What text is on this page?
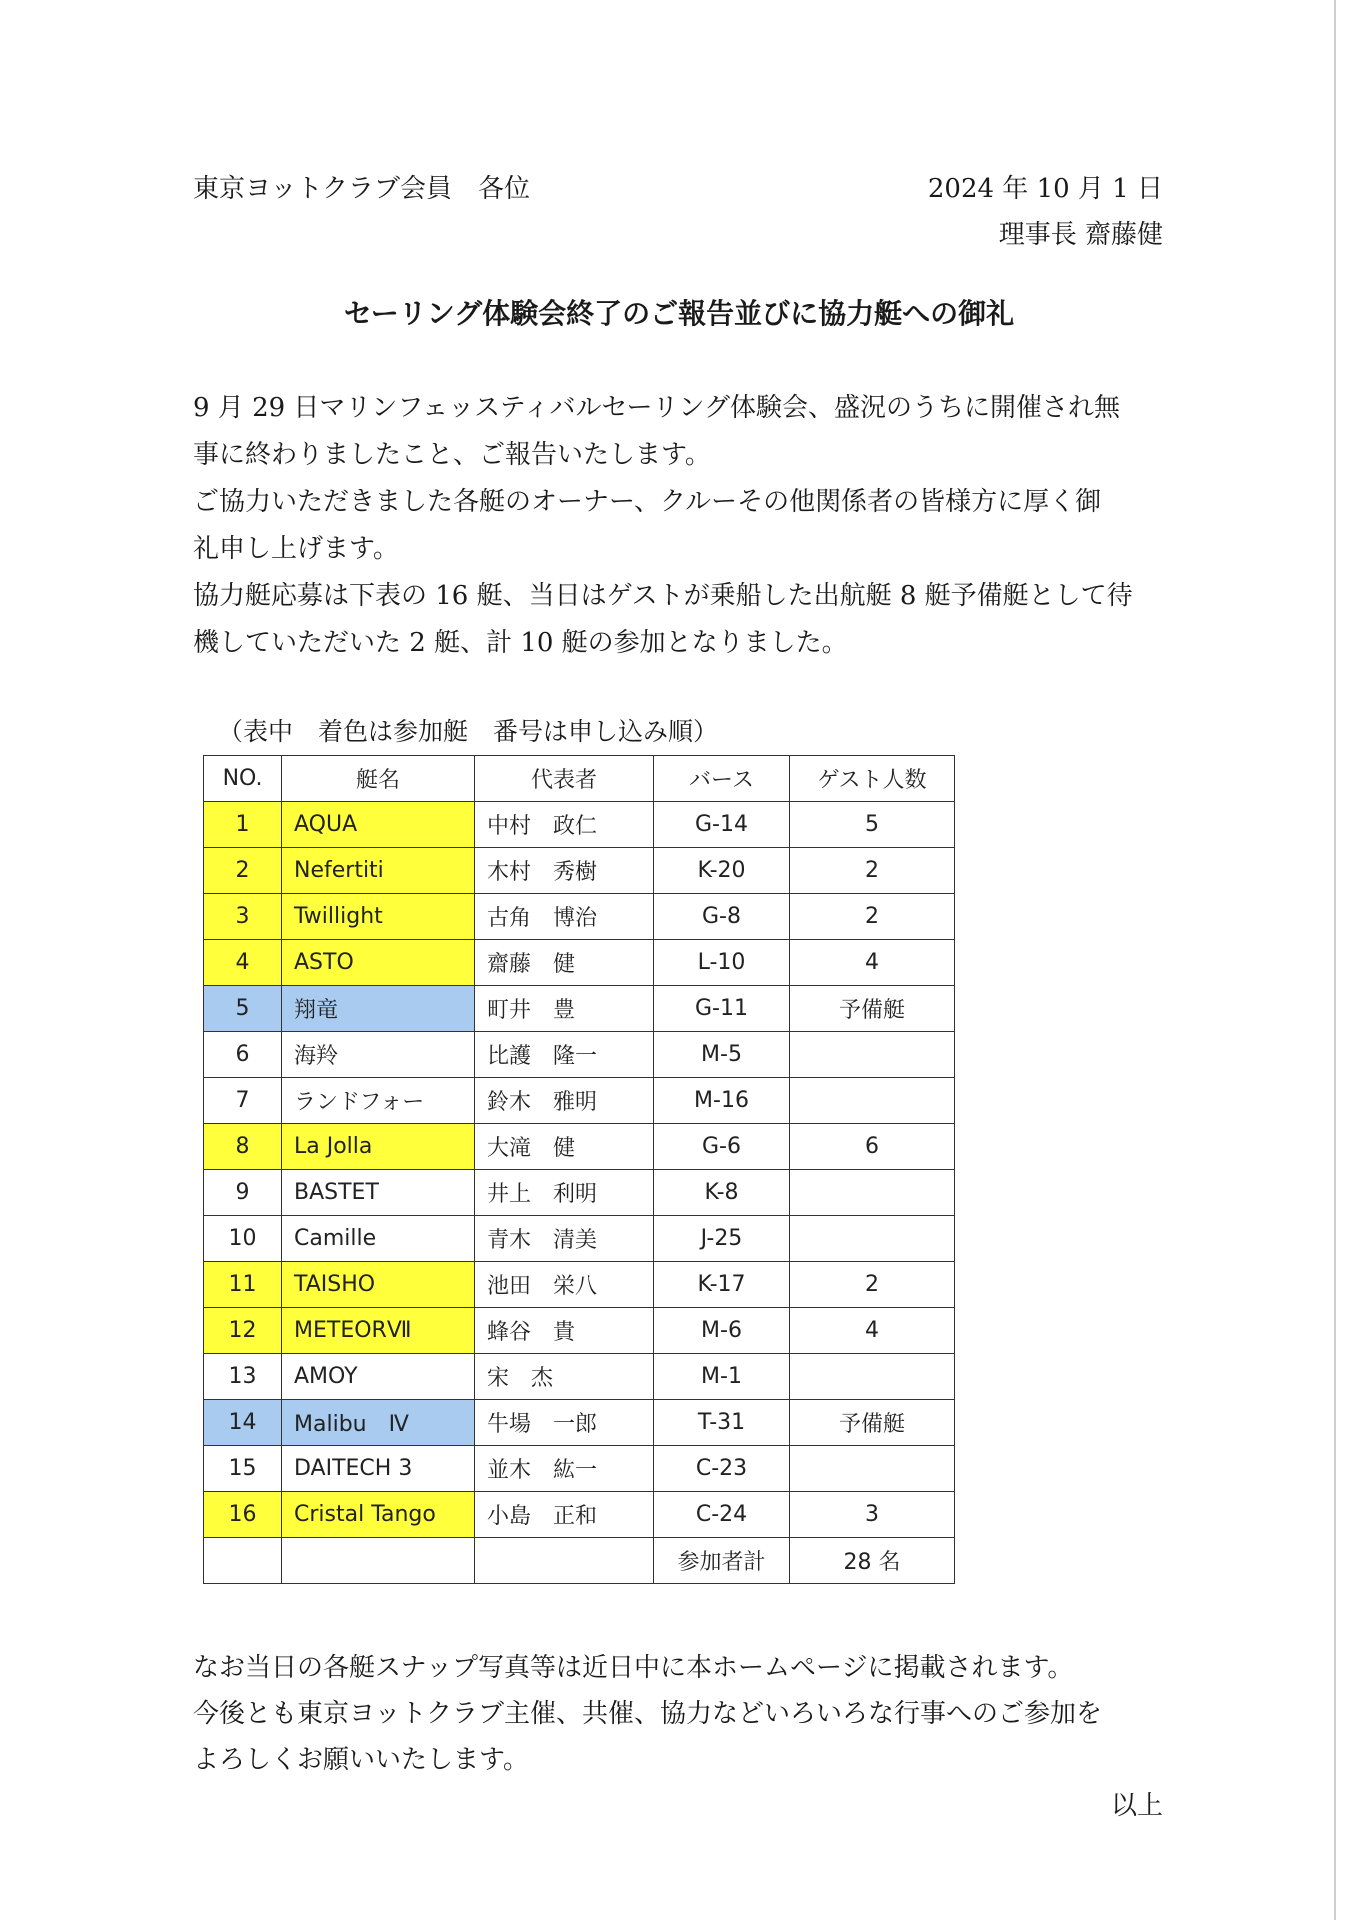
東京ヨットクラブ会員　各位	2024 年 10 月 1 日
理事長 齋藤健
セーリング体験会終了のご報告並びに協力艇への御礼
9 月 29 日マリンフェッスティバルセーリング体験会、盛況のうちに開催され無
事に終わりましたこと、ご報告いたします。
ご協力いただきました各艇のオーナー、クルーその他関係者の皆様方に厚く御
礼申し上げます。
協力艇応募は下表の 16 艇、当日はゲストが乗船した出航艇 8 艇予備艇として待
機していただいた 2 艇、計 10 艇の参加となりました。
（表中　着色は参加艇　番号は申し込み順）
NO.	艇名	代表者	バース	ゲスト人数
1	AQUA	中村　政仁	G-14	5
2	Nefertiti	木村　秀樹	K-20	2
3	Twillight	古角　博治	G-8	2
4	ASTO	齋藤　健	L-10	4
5	翔竜	町井　豊	G-11	予備艇
6	海羚	比護　隆一	M-5	
7	ランドフォー	鈴木　雅明	M-16	
8	La Jolla	大滝　健	G-6	6
9	BASTET	井上　利明	K-8	
10	Camille	青木　清美	J-25	
11	TAISHO	池田　栄八	K-17	2
12	METEORⅦ	蜂谷　貴	M-6	4
13	AMOY	宋　杰	M-1	
14	Malibu　Ⅳ	牛場　一郎	T-31	予備艇
15	DAITECH 3	並木　紘一	C-23	
16	Cristal Tango	小島　正和	C-24	3
			参加者計	28 名
なお当日の各艇スナップ写真等は近日中に本ホームページに掲載されます。
今後とも東京ヨットクラブ主催、共催、協力などいろいろな行事へのご参加を
よろしくお願いいたします。
以上
